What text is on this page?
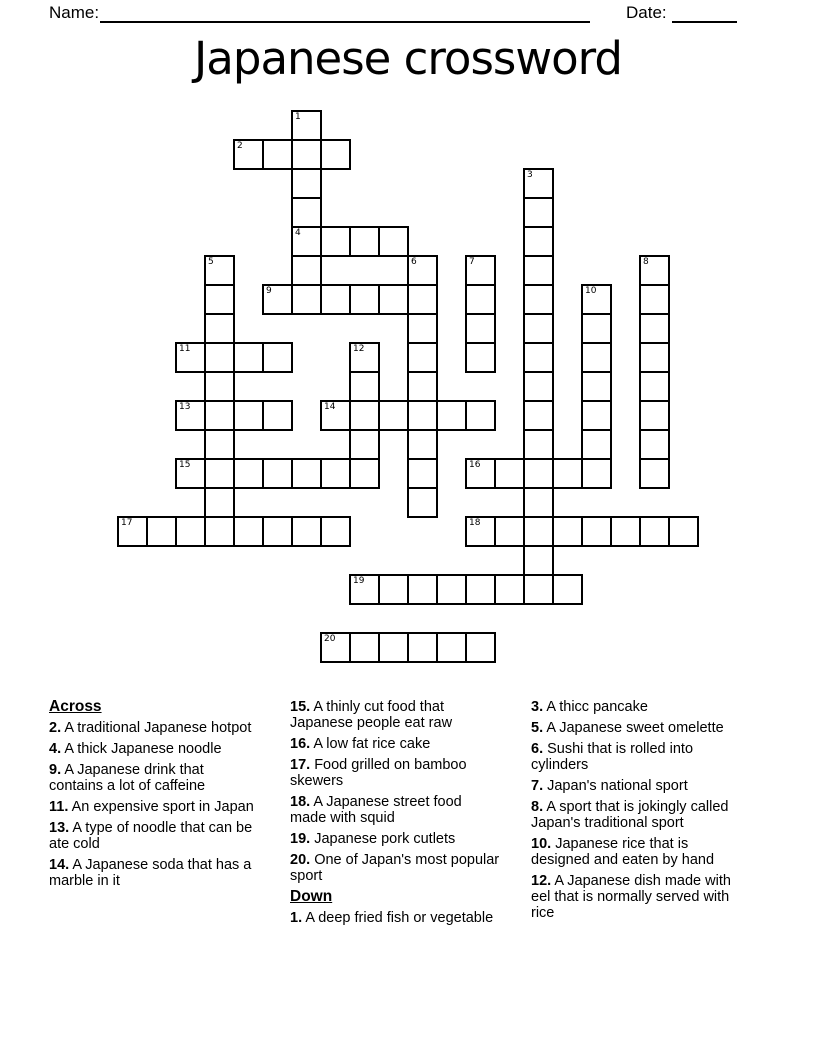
Name:	Date:
Japanese crossword
1
4
2
3
5	6	7	8
9	10
11	12
13	14
15	16
17	18
19
20
Across
2. A traditional Japanese hotpot
4. A thick Japanese noodle
9. A Japanese drink that contains a lot of caffeine
11. An expensive sport in Japan
13. A type of noodle that can be ate cold
14. A Japanese soda that has a marble in it
15. A thinly cut food that Japanese people eat raw
16. A low fat rice cake
17. Food grilled on bamboo skewers
18. A Japanese street food made with squid
19. Japanese pork cutlets
20. One of Japan's most popular sport
Down
1. A deep fried fish or vegetable
3. A thicc pancake
5. A Japanese sweet omelette
6. Sushi that is rolled into cylinders
7. Japan's national sport
8. A sport that is jokingly called Japan's traditional sport
10. Japanese rice that is designed and eaten by hand
12. A Japanese dish made with eel that is normally served with rice
